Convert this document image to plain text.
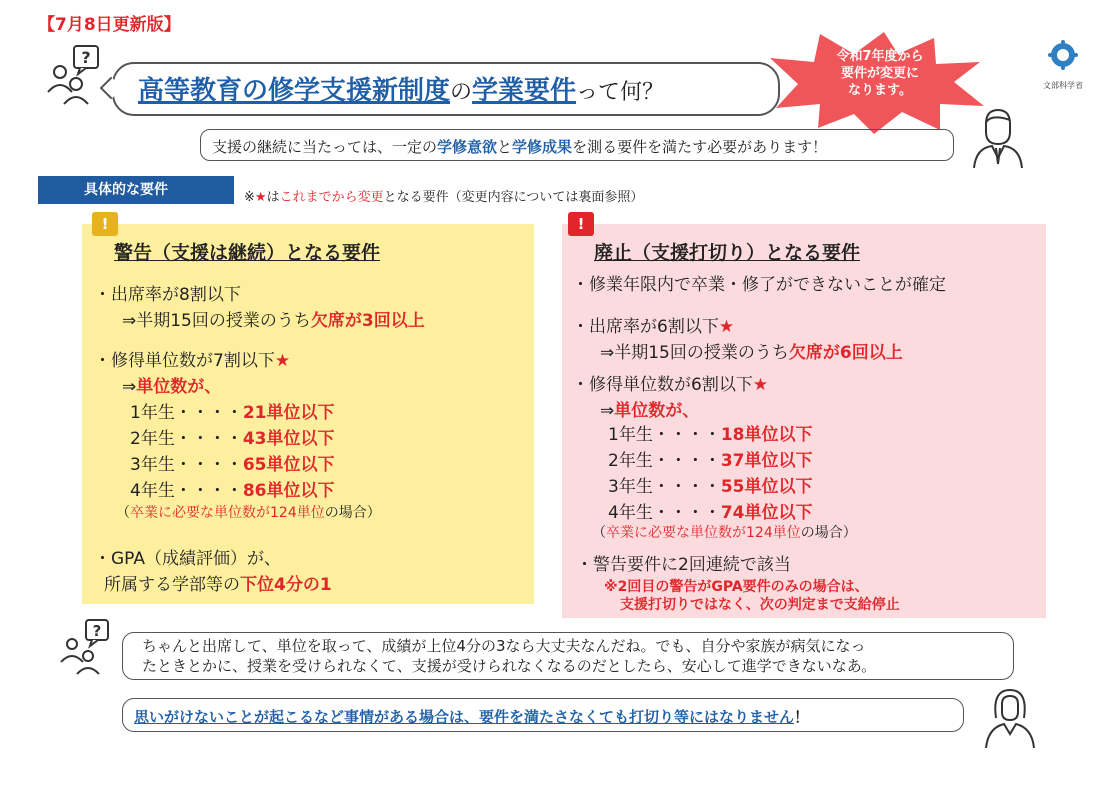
【7月8日更新版】
?
高等教育の修学支援新制度の学業要件って何？
令和7年度から
要件が変更に
なります。	文部科学省
支援の継続に当たっては、一定の学修意欲と学修成果を測る要件を満たす必要があります！
具体的な要件	※★はこれまでから変更となる要件（変更内容については裏面参照）
!
警告（支援は継続）となる要件
・出席率が8割以下
⇒半期15回の授業のうち欠席が3回以上
・修得単位数が7割以下★
⇒単位数が、
1年生・・・・21単位以下
2年生・・・・43単位以下
3年生・・・・65単位以下
4年生・・・・86単位以下
（卒業に必要な単位数が124単位の場合）
・GPA（成績評価）が、
所属する学部等の下位4分の1
!
廃止（支援打切り）となる要件
・修業年限内で卒業・修了ができないことが確定
・出席率が6割以下★
⇒半期15回の授業のうち欠席が6回以上
・修得単位数が6割以下★
⇒単位数が、
1年生・・・・18単位以下
2年生・・・・37単位以下
3年生・・・・55単位以下
4年生・・・・74単位以下
（卒業に必要な単位数が124単位の場合）
・警告要件に2回連続で該当
※2回目の警告がGPA要件のみの場合は、
支援打切りではなく、次の判定まで支給停止
?
ちゃんと出席して、単位を取って、成績が上位4分の3なら大丈夫なんだね。でも、自分や家族が病気になっ
たときとかに、授業を受けられなくて、支援が受けられなくなるのだとしたら、安心して進学できないなあ。
思いがけないことが起こるなど事情がある場合は、要件を満たさなくても打切り等にはなりません！
